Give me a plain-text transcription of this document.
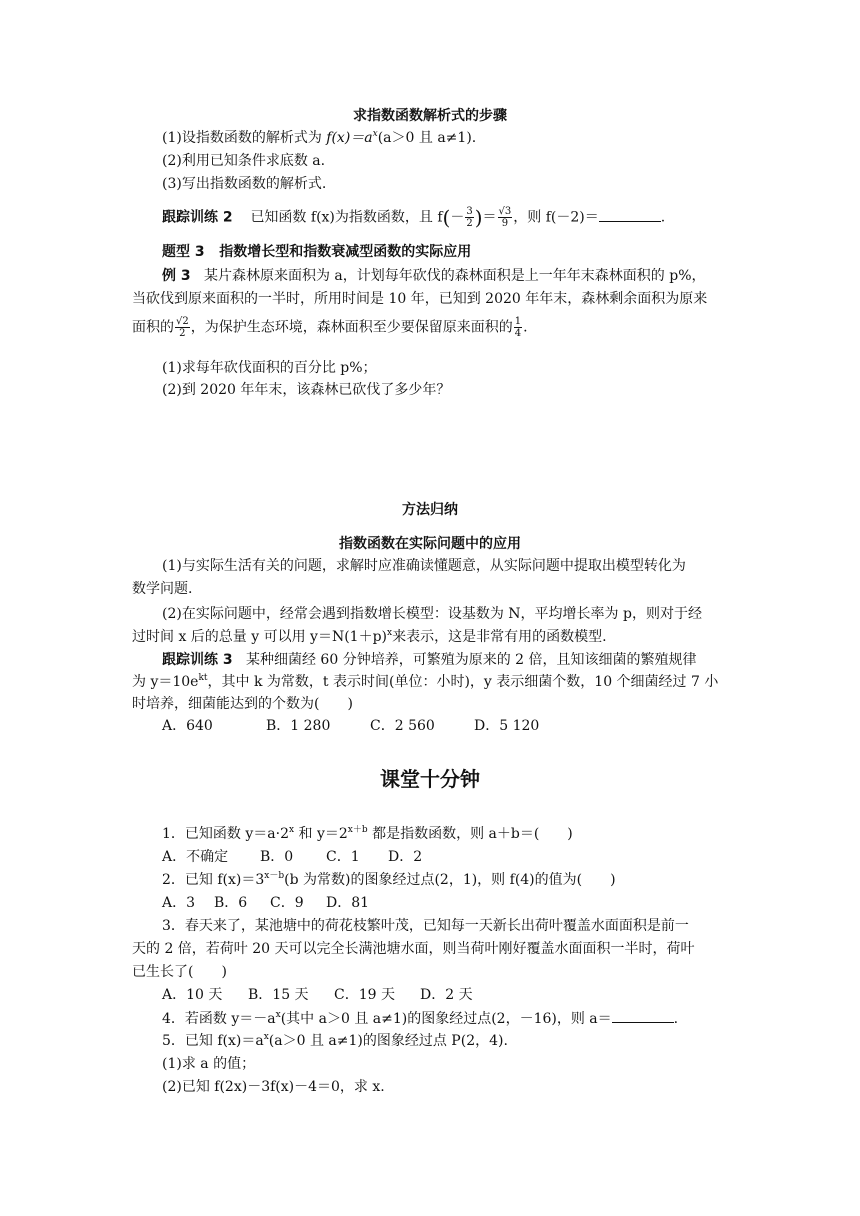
求指数函数解析式的步骤
(1)设指数函数的解析式为 $f(x)=a^x(a>0$ 且 a≠1).
(2)利用已知条件求底数 a.
(3)写出指数函数的解析式.
跟踪训练 2 已知函数 f(x)为指数函数，且 $f(- \frac{3}{2}$ )＝ $\frac{√3}{9}$ ，则 f(－2)＝	.
题型 3 指数增长型和指数衰减型函数的实际应用
例 3 某片森林原来面积为 a，计划每年砍伐的森林面积是上一年年末森林面积的 p%，
当砍伐到原来面积的一半时，所用时间是 10 年，已知到 2020 年年末，森林剩余面积为原来
面积的 $\frac{√2}{2}$ ，为保护生态环境，森林面积至少要保留原来面积的 $\frac{1}{4}$ .
(1)求每年砍伐面积的百分比 p%；
(2)到 2020 年年末，该森林已砍伐了多少年？
方法归纳
指数函数在实际问题中的应用
(1)与实际生活有关的问题，求解时应准确读懂题意，从实际问题中提取出模型转化为
数学问题.
(2)在实际问题中，经常会遇到指数增长模型：设基数为 N，平均增长率为 p，则对于经
过时间 x 后的总量 y 可以用 $y=N(1+p)^x$来表示，这是非常有用的函数模型.
跟踪训练 3 某种细菌经 60 分钟培养，可繁殖为原来的 2 倍，且知该细菌的繁殖规律
为 $y=10e^{kt}$，其中 k 为常数，t 表示时间(单位：小时)，y 表示细菌个数，10 个细菌经过 7 小
时培养，细菌能达到的个数为(　　)
A．640	B．1 280	C．2 560	D．5 120
课堂十分钟
1．已知函数 $y=a\cdot 2^x$ 和 $y=2^{x+b}$ 都是指数函数，则 a＋b＝(　　)
A．不确定 B．0 C．1 D．2
2．已知 $f(x)=3^{x-b}(b$ 为常数)的图象经过点(2，1)，则 f(4)的值为(　　)
A．3 B．6 C．9 D．81
3．春天来了，某池塘中的荷花枝繁叶茂，已知每一天新长出荷叶覆盖水面面积是前一
天的 2 倍，若荷叶 20 天可以完全长满池塘水面，则当荷叶刚好覆盖水面面积一半时，荷叶
已生长了(　　)
A．10 天 B．15 天 C．19 天 D．2 天
4．若函数 $y=-a^x$(其中 a＞0 且 a≠1)的图象经过点(2，－16)，则 a＝	.
5．已知 $f(x)=a^x(a>0$ 且 a≠1)的图象经过点 P(2，4).
(1)求 a 的值；
(2)已知 f(2x)－3f(x)－4＝0，求 x.
